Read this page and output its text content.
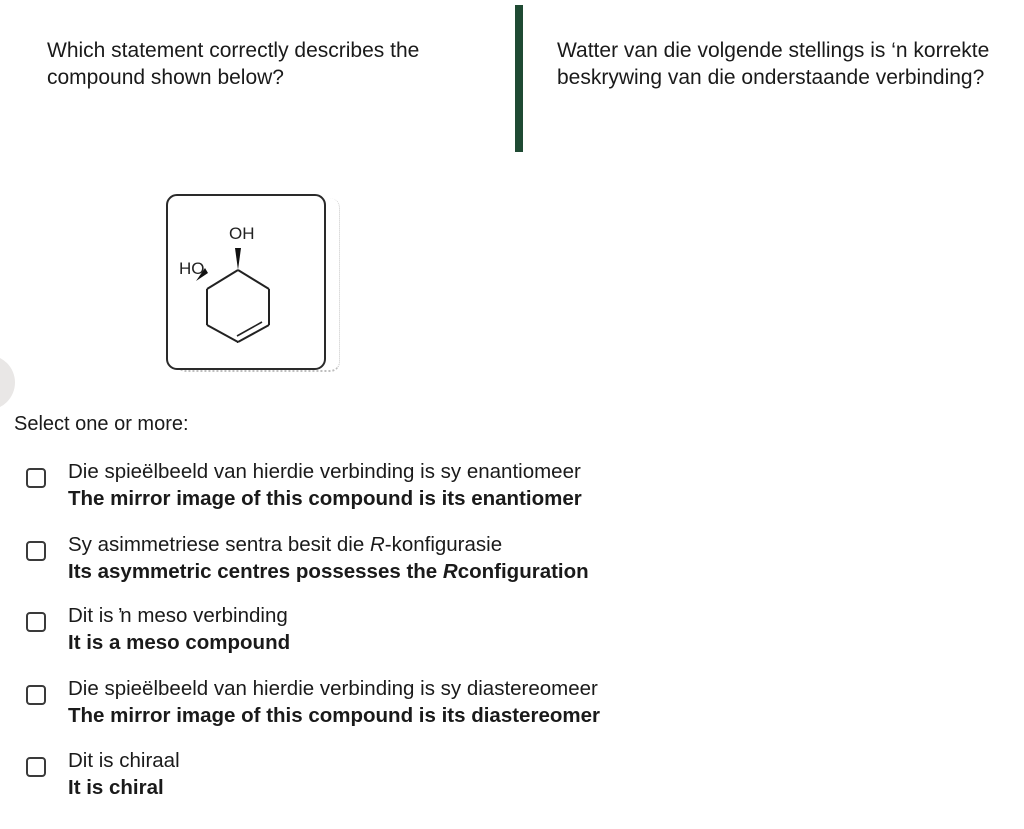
Which statement correctly describes the compound shown below?
Watter van die volgende stellings is ‘n korrekte beskrywing van die onderstaande verbinding?
OH
HO
Select one or more:
Die spieëlbeeld van hierdie verbinding is sy enantiomeer
The mirror image of this compound is its enantiomer
Sy asimmetriese sentra besit die R-konfigurasie
Its asymmetric centres possesses the Rconfiguration
Dit is ŉ meso verbinding
It is a meso compound
Die spieëlbeeld van hierdie verbinding is sy diastereomeer
The mirror image of this compound is its diastereomer
Dit is chiraal
It is chiral
